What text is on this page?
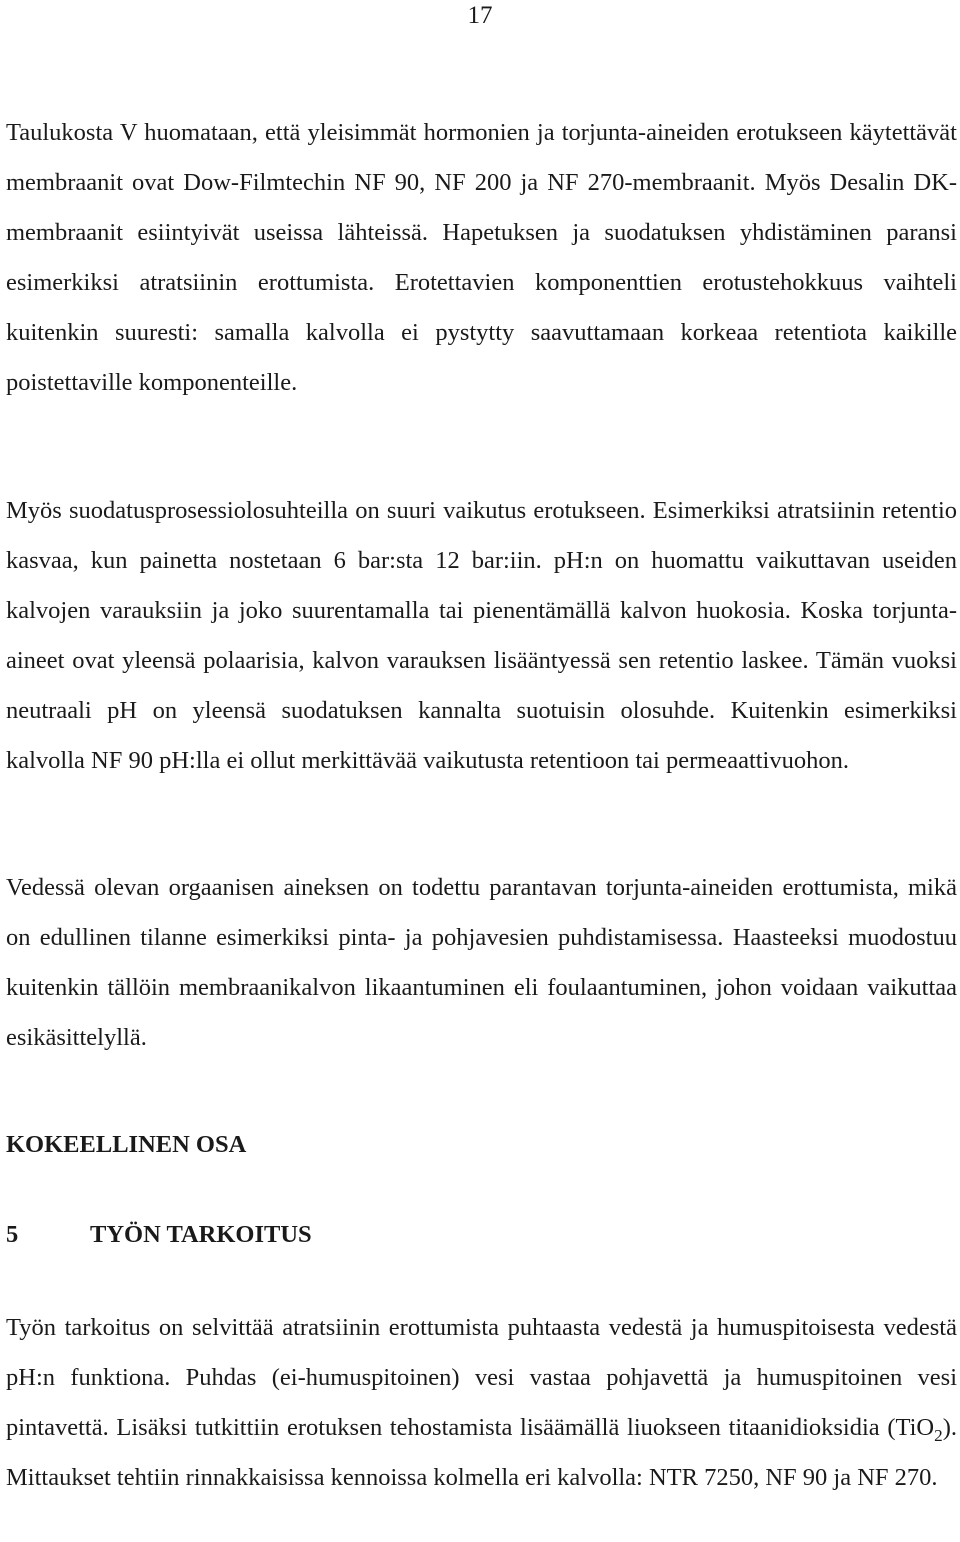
17

Taulukosta V huomataan, että yleisimmät hormonien ja torjunta-aineiden erotukseen käytettävät membraanit ovat Dow-Filmtechin NF 90, NF 200 ja NF 270-membraanit. Myös Desalin DK-membraanit esiintyivät useissa lähteissä. Hapetuksen ja suodatuksen yhdistäminen paransi esimerkiksi atratsiinin erottumista. Erotettavien komponenttien erotustehokkuus vaihteli kuitenkin suuresti: samalla kalvolla ei pystytty saavuttamaan korkeaa retentiota kaikille poistettaville komponenteille.

Myös suodatusprosessiolosuhteilla on suuri vaikutus erotukseen. Esimerkiksi atratsiinin retentio kasvaa, kun painetta nostetaan 6 bar:sta 12 bar:iin. pH:n on huomattu vaikuttavan useiden kalvojen varauksiin ja joko suurentamalla tai pienentämällä kalvon huokosia. Koska torjunta-aineet ovat yleensä polaarisia, kalvon varauksen lisääntyessä sen retentio laskee. Tämän vuoksi neutraali pH on yleensä suodatuksen kannalta suotuisin olosuhde. Kuitenkin esimerkiksi kalvolla NF 90 pH:lla ei ollut merkittävää vaikutusta retentioon tai permeaattivuohon.

Vedessä olevan orgaanisen aineksen on todettu parantavan torjunta-aineiden erottumista, mikä on edullinen tilanne esimerkiksi pinta- ja pohjavesien puhdistamisessa. Haasteeksi muodostuu kuitenkin tällöin membraanikalvon likaantuminen eli foulaantuminen, johon voidaan vaikuttaa esikäsittelyllä.

KOKEELLINEN OSA
5	TYÖN TARKOITUS

Työn tarkoitus on selvittää atratsiinin erottumista puhtaasta vedestä ja humuspitoisesta vedestä pH:n funktiona. Puhdas (ei-humuspitoinen) vesi vastaa pohjavettä ja humuspitoinen vesi pintavettä. Lisäksi tutkittiin erotuksen tehostamista lisäämällä liuokseen titaanidioksidia (TiO$_2$). Mittaukset tehtiin rinnakkaisissa kennoissa kolmella eri kalvolla: NTR 7250, NF 90 ja NF 270.
